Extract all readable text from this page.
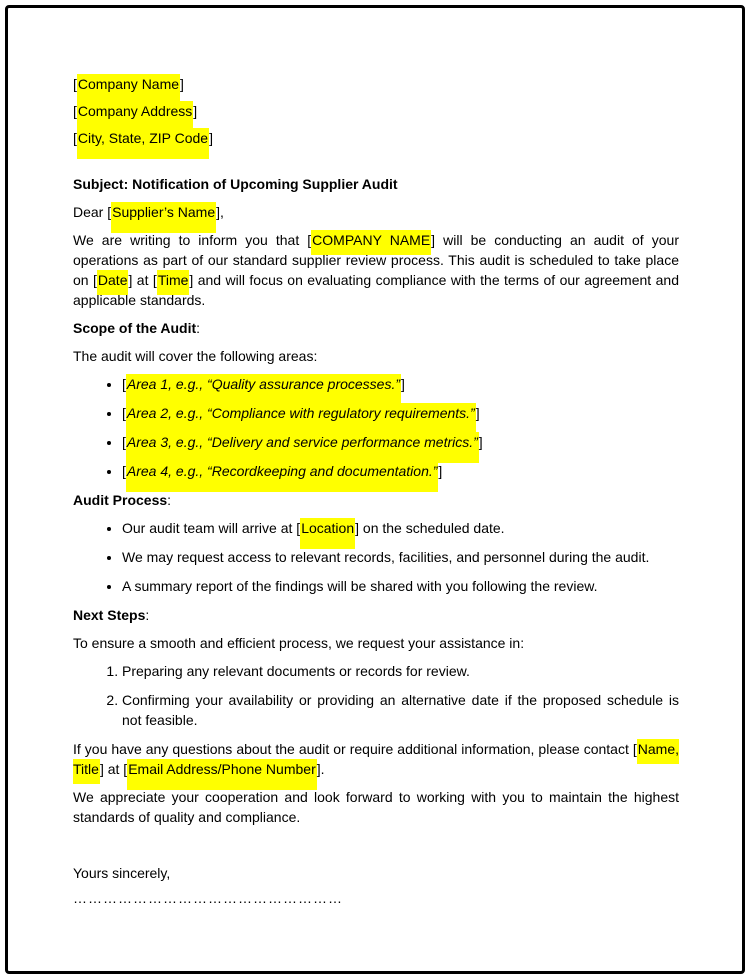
[Company Name]

[Company Address]

[City, State, ZIP Code]

Subject: Notification of Upcoming Supplier Audit

Dear [Supplier’s Name],

We are writing to inform you that [COMPANY NAME] will be conducting an audit of your operations as part of our standard supplier review process. This audit is scheduled to take place on [Date] at [Time] and will focus on evaluating compliance with the terms of our agreement and applicable standards.

Scope of the Audit:

The audit will cover the following areas:

• [Area 1, e.g., “Quality assurance processes.”]
• [Area 2, e.g., “Compliance with regulatory requirements.”]
• [Area 3, e.g., “Delivery and service performance metrics.”]
• [Area 4, e.g., “Recordkeeping and documentation.”]

Audit Process:

• Our audit team will arrive at [Location] on the scheduled date.
• We may request access to relevant records, facilities, and personnel during the audit.
• A summary report of the findings will be shared with you following the review.

Next Steps:

To ensure a smooth and efficient process, we request your assistance in:

1. Preparing any relevant documents or records for review.
2. Confirming your availability or providing an alternative date if the proposed schedule is not feasible.

If you have any questions about the audit or require additional information, please contact [Name, Title] at [Email Address/Phone Number].

We appreciate your cooperation and look forward to working with you to maintain the highest standards of quality and compliance.

Yours sincerely,

………………………………………………
